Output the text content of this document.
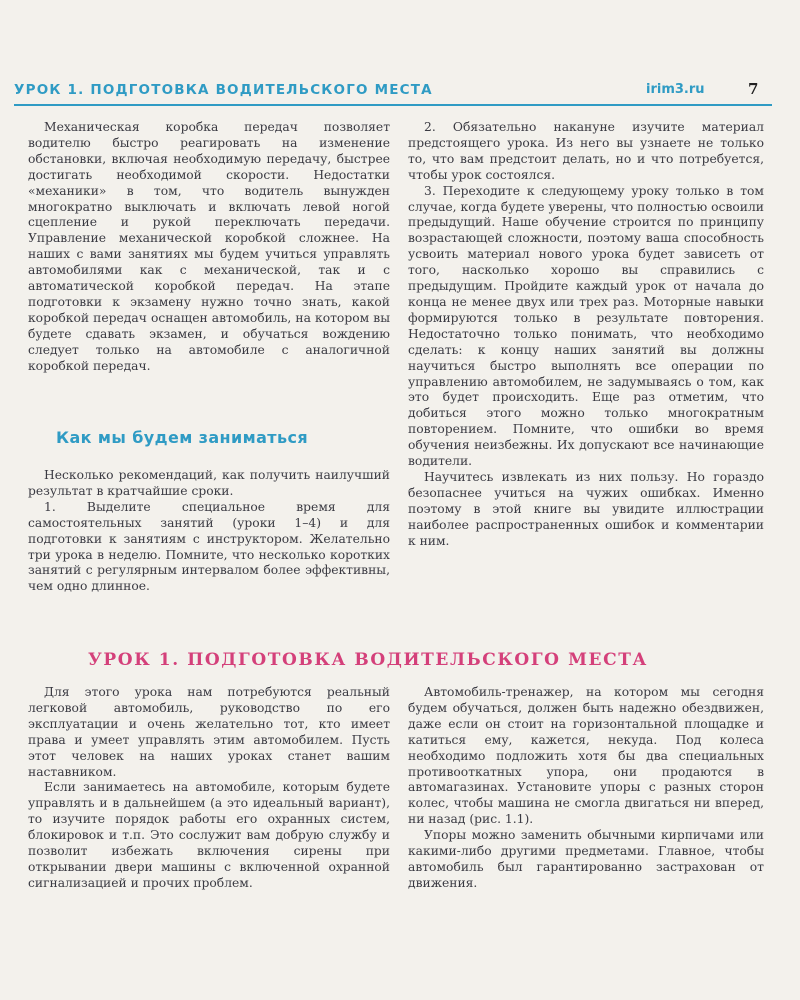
УРОК 1. ПОДГОТОВКА ВОДИТЕЛЬСКОГО МЕСТА	irim3.ru	7

Механическая коробка передач позволяет водителю быстро реагировать на изменение обстановки, включая необходимую передачу, быстрее достигать необходимой скорости. Недостатки «механики» в том, что водитель вынужден многократно выключать и включать левой ногой сцепление и рукой переключать передачи. Управление механической коробкой сложнее. На наших с вами занятиях мы будем учиться управлять автомобилями как с механической, так и с автоматической коробкой передач. На этапе подготовки к экзамену нужно точно знать, какой коробкой передач оснащен автомобиль, на котором вы будете сдавать экзамен, и обучаться вождению следует только на автомобиле с аналогичной коробкой передач.

Как мы будем заниматься

Несколько рекомендаций, как получить наилучший результат в кратчайшие сроки.

1. Выделите специальное время для самостоятельных занятий (уроки 1–4) и для подготовки к занятиям с инструктором. Желательно три урока в неделю. Помните, что несколько коротких занятий с регулярным интервалом более эффективны, чем одно длинное.

2. Обязательно накануне изучите материал предстоящего урока. Из него вы узнаете не только то, что вам предстоит делать, но и что потребуется, чтобы урок состоялся.

3. Переходите к следующему уроку только в том случае, когда будете уверены, что полностью освоили предыдущий. Наше обучение строится по принципу возрастающей сложности, поэтому ваша способность усвоить материал нового урока будет зависеть от того, насколько хорошо вы справились с предыдущим. Пройдите каждый урок от начала до конца не менее двух или трех раз. Моторные навыки формируются только в результате повторения. Недостаточно только понимать, что необходимо сделать: к концу наших занятий вы должны научиться быстро выполнять все операции по управлению автомобилем, не задумываясь о том, как это будет происходить. Еще раз отметим, что добиться этого можно только многократным повторением. Помните, что ошибки во время обучения неизбежны. Их допускают все начинающие водители.

Научитесь извлекать из них пользу. Но гораздо безопаснее учиться на чужих ошибках. Именно поэтому в этой книге вы увидите иллюстрации наиболее распространенных ошибок и комментарии к ним.

УРОК 1. ПОДГОТОВКА ВОДИТЕЛЬСКОГО МЕСТА

Для этого урока нам потребуются реальный легковой автомобиль, руководство по его эксплуатации и очень желательно тот, кто имеет права и умеет управлять этим автомобилем. Пусть этот человек на наших уроках станет вашим наставником.

Если занимаетесь на автомобиле, которым будете управлять и в дальнейшем (а это идеальный вариант), то изучите порядок работы его охранных систем, блокировок и т.п. Это сослужит вам добрую службу и позволит избежать включения сирены при открывании двери машины с включенной охранной сигнализацией и прочих проблем.

Автомобиль-тренажер, на котором мы сегодня будем обучаться, должен быть надежно обездвижен, даже если он стоит на горизонтальной площадке и катиться ему, кажется, некуда. Под колеса необходимо подложить хотя бы два специальных противооткатных упора, они продаются в автомагазинах. Установите упоры с разных сторон колес, чтобы машина не смогла двигаться ни вперед, ни назад (рис. 1.1).

Упоры можно заменить обычными кирпичами или какими-либо другими предметами. Главное, чтобы автомобиль был гарантированно застрахован от движения.
